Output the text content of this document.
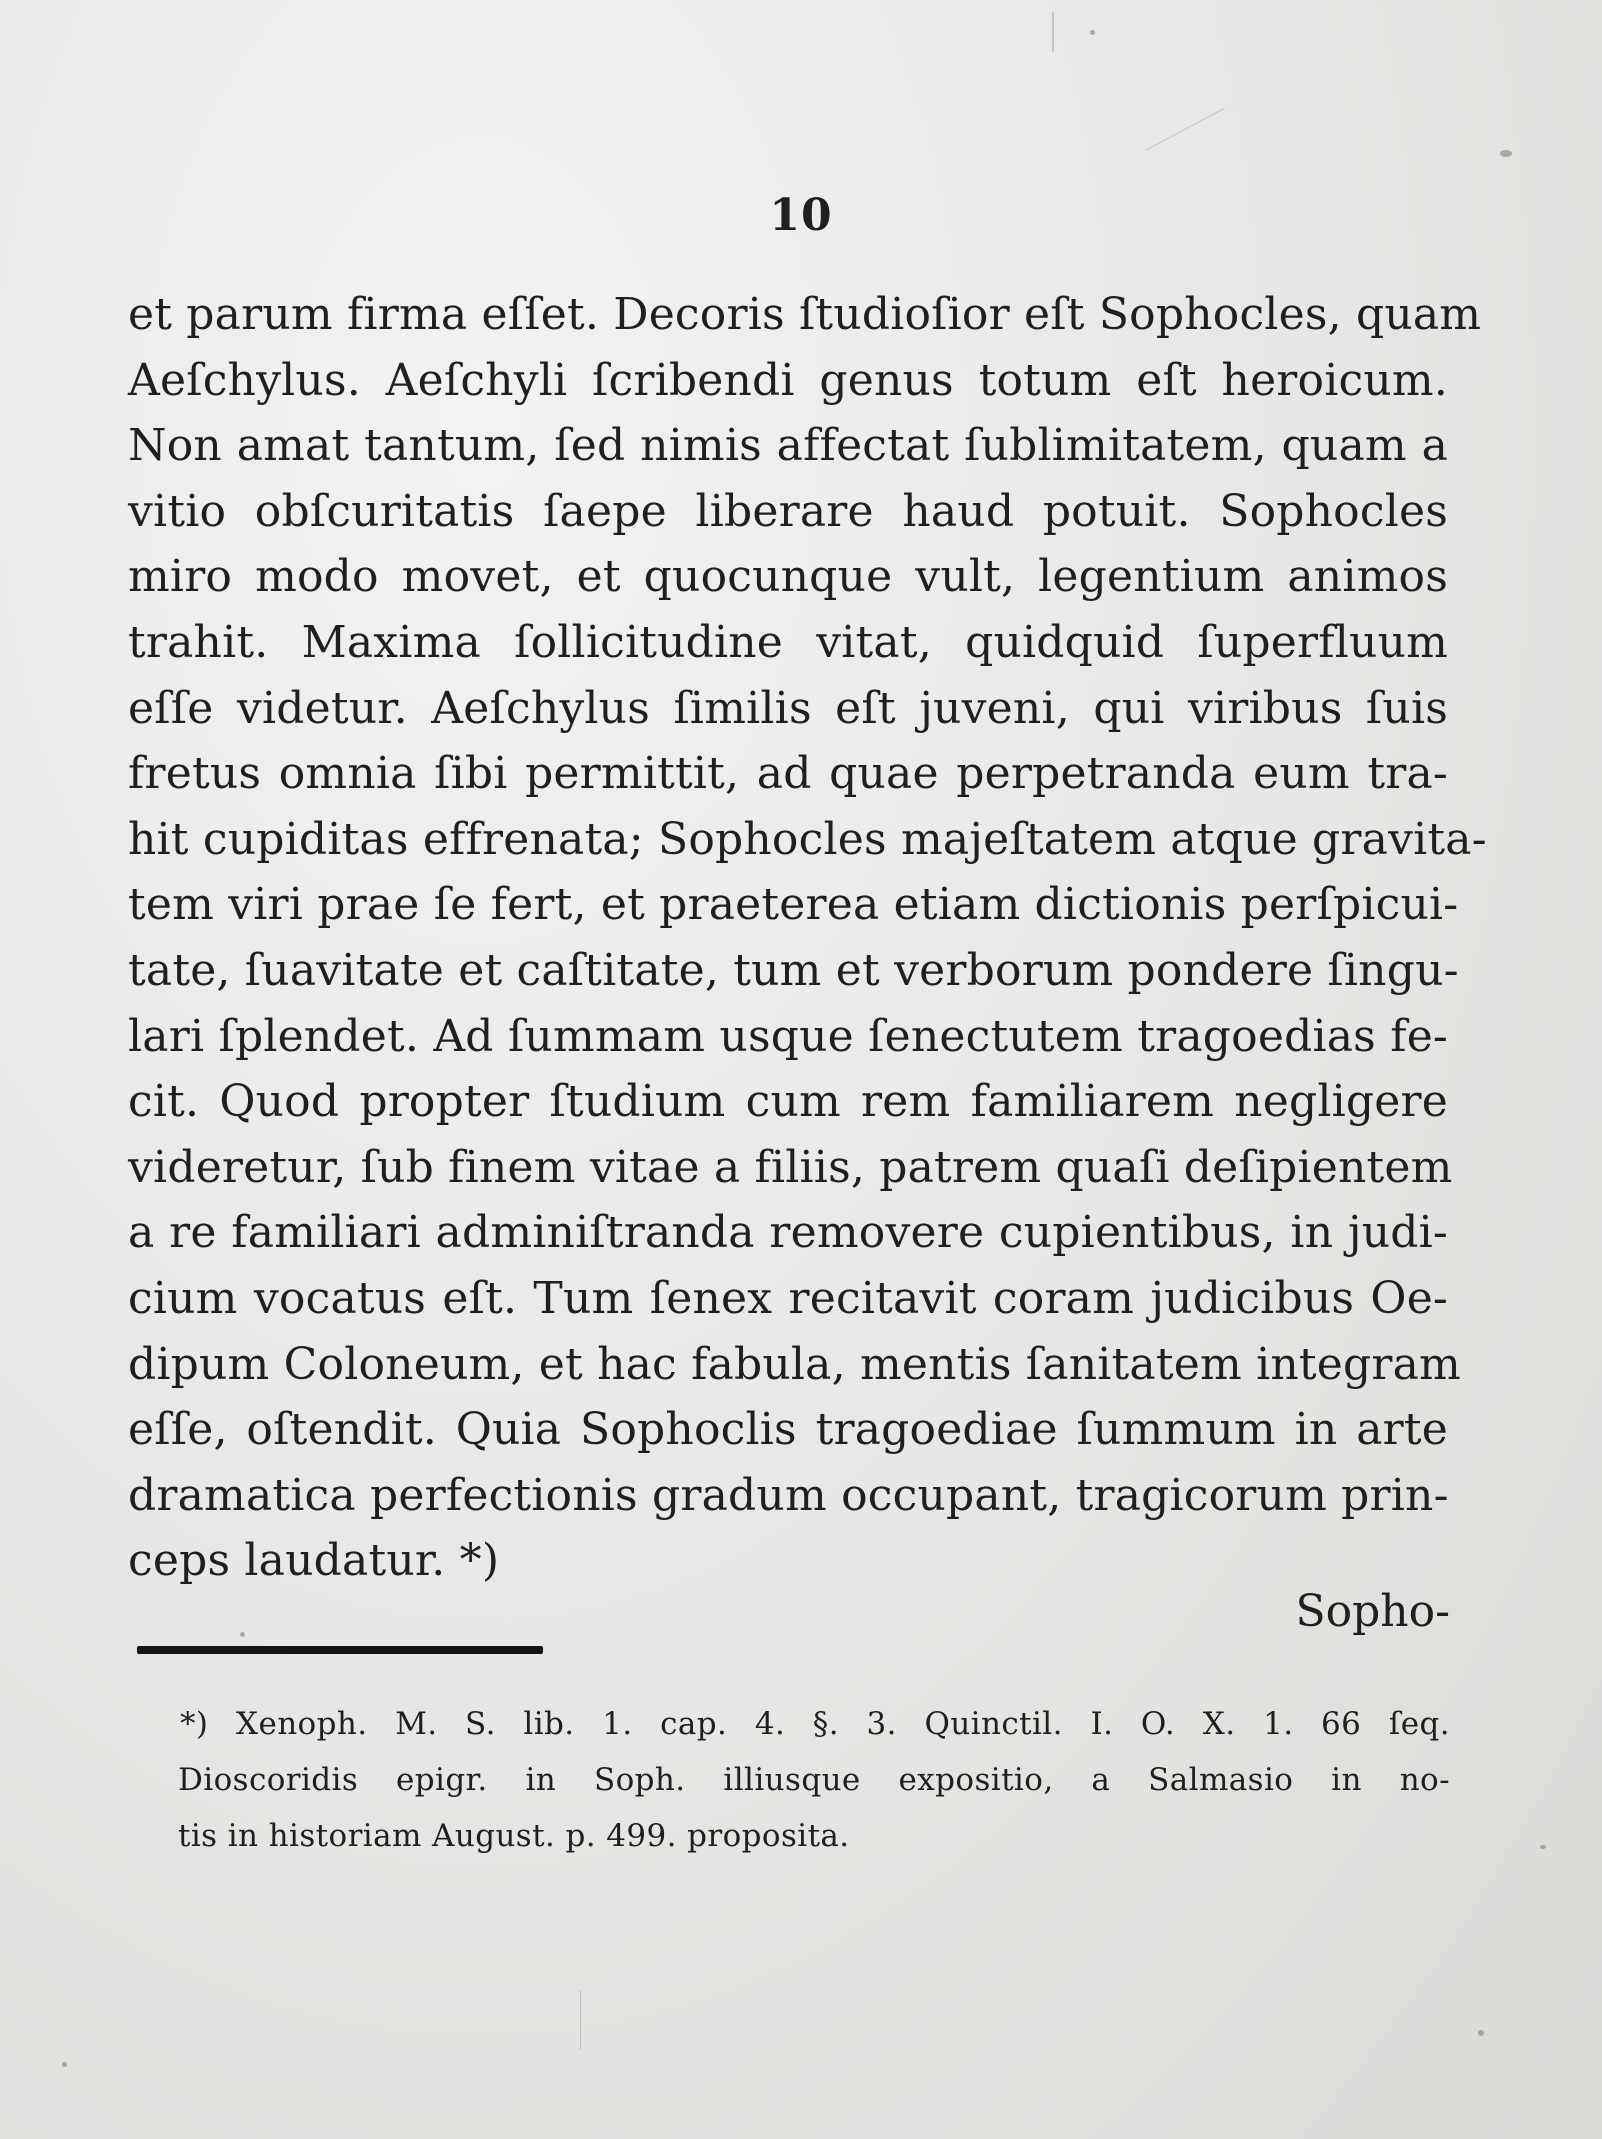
10
et parum firma eſſet. Decoris ſtudioſior eſt Sophocles, quam
Aeſchylus. Aeſchyli ſcribendi genus totum eſt heroicum.
Non amat tantum, ſed nimis affectat ſublimitatem, quam a
vitio obſcuritatis ſaepe liberare haud potuit. Sophocles
miro modo movet, et quocunque vult, legentium animos
trahit. Maxima ſollicitudine vitat, quidquid ſuperfluum
eſſe videtur. Aeſchylus ſimilis eſt juveni, qui viribus ſuis
fretus omnia ſibi permittit, ad quae perpetranda eum tra-
hit cupiditas effrenata; Sophocles majeſtatem atque gravita-
tem viri prae ſe fert, et praeterea etiam dictionis perſpicui-
tate, ſuavitate et caſtitate, tum et verborum pondere ſingu-
lari ſplendet. Ad ſummam usque ſenectutem tragoedias fe-
cit. Quod propter ſtudium cum rem familiarem negligere
videretur, ſub finem vitae a filiis, patrem quaſi deſipientem
a re familiari adminiſtranda removere cupientibus, in judi-
cium vocatus eſt. Tum ſenex recitavit coram judicibus Oe-
dipum Coloneum, et hac fabula, mentis ſanitatem integram
eſſe, oſtendit. Quia Sophoclis tragoediae ſummum in arte
dramatica perfectionis gradum occupant, tragicorum prin-
ceps laudatur. *)
Sopho-
*) Xenoph. M. S. lib. 1. cap. 4. §. 3. Quinctil. I. O. X. 1. 66 ſeq.
Dioscoridis epigr. in Soph. illiusque expositio, a Salmasio in no-
tis in historiam August. p. 499. proposita.
